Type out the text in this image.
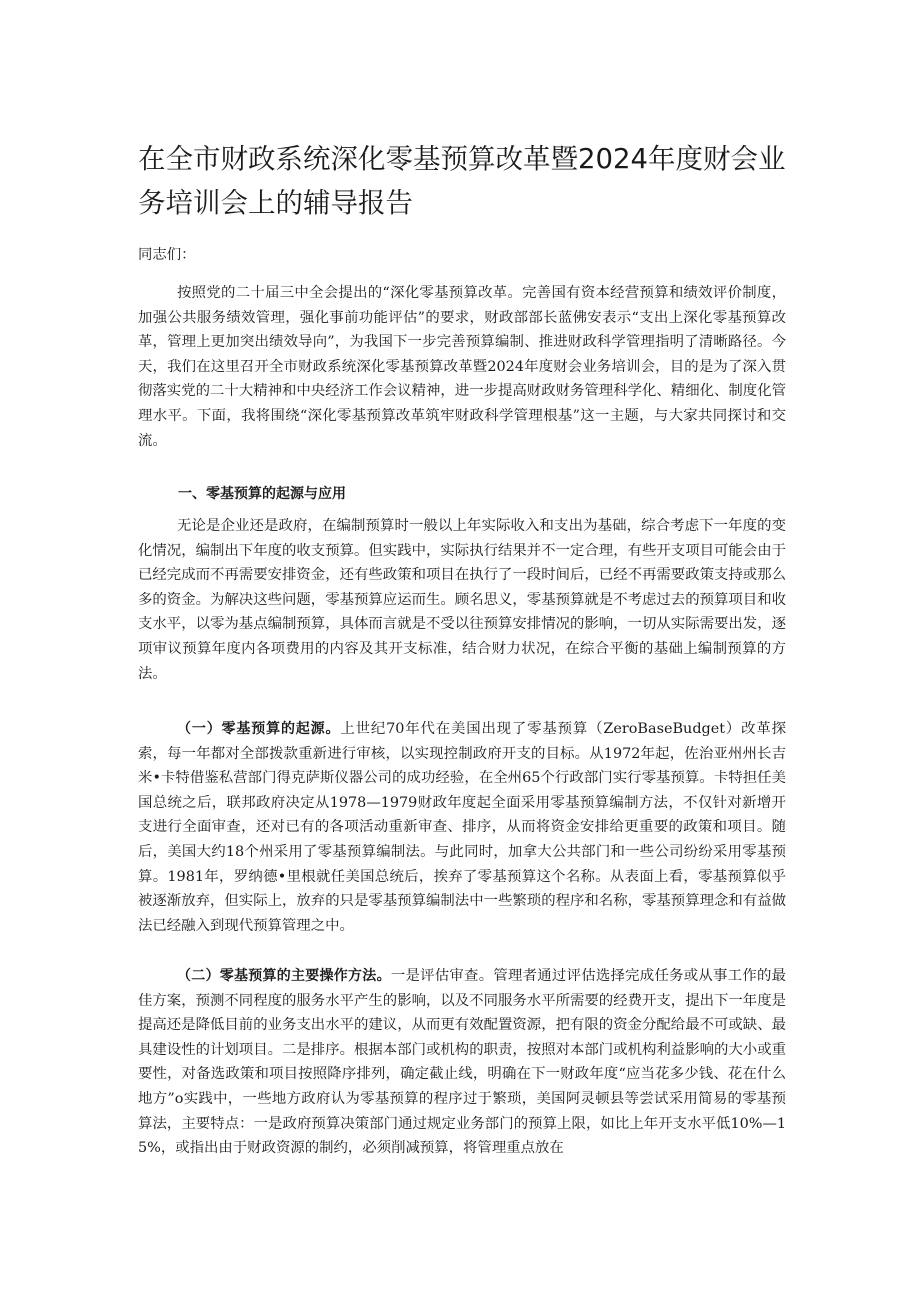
在全市财政系统深化零基预算改革暨2024年度财会业务培训会上的辅导报告

同志们：

按照党的二十届三中全会提出的“深化零基预算改革。完善国有资本经营预算和绩效评价制度，加强公共服务绩效管理，强化事前功能评估”的要求，财政部部长蓝佛安表示“支出上深化零基预算改革，管理上更加突出绩效导向”，为我国下一步完善预算编制、推进财政科学管理指明了清晰路径。今天，我们在这里召开全市财政系统深化零基预算改革暨2024年度财会业务培训会，目的是为了深入贯彻落实党的二十大精神和中央经济工作会议精神，进一步提高财政财务管理科学化、精细化、制度化管理水平。下面，我将围绕“深化零基预算改革筑牢财政科学管理根基”这一主题，与大家共同探讨和交流。

一、零基预算的起源与应用

无论是企业还是政府，在编制预算时一般以上年实际收入和支出为基础，综合考虑下一年度的变化情况，编制出下年度的收支预算。但实践中，实际执行结果并不一定合理，有些开支项目可能会由于已经完成而不再需要安排资金，还有些政策和项目在执行了一段时间后，已经不再需要政策支持或那么多的资金。为解决这些问题，零基预算应运而生。顾名思义，零基预算就是不考虑过去的预算项目和收支水平，以零为基点编制预算，具体而言就是不受以往预算安排情况的影响，一切从实际需要出发，逐项审议预算年度内各项费用的内容及其开支标准，结合财力状况，在综合平衡的基础上编制预算的方法。

（一）零基预算的起源。上世纪70年代在美国出现了零基预算（ZeroBaseBudget）改革探索，每一年都对全部拨款重新进行审核，以实现控制政府开支的目标。从1972年起，佐治亚州州长吉米•卡特借鉴私营部门得克萨斯仪器公司的成功经验，在全州65个行政部门实行零基预算。卡特担任美国总统之后，联邦政府决定从1978—1979财政年度起全面采用零基预算编制方法，不仅针对新增开支进行全面审查，还对已有的各项活动重新审查、排序，从而将资金安排给更重要的政策和项目。随后，美国大约18个州采用了零基预算编制法。与此同时，加拿大公共部门和一些公司纷纷采用零基预算。1981年，罗纳德•里根就任美国总统后，挨弃了零基预算这个名称。从表面上看，零基预算似乎被逐渐放弃，但实际上，放弃的只是零基预算编制法中一些繁琐的程序和名称，零基预算理念和有益做法已经融入到现代预算管理之中。

（二）零基预算的主要操作方法。一是评估审查。管理者通过评估选择完成任务或从事工作的最佳方案，预测不同程度的服务水平产生的影响，以及不同服务水平所需要的经费开支，提出下一年度是提高还是降低目前的业务支出水平的建议，从而更有效配置资源，把有限的资金分配给最不可或缺、最具建设性的计划项目。二是排序。根据本部门或机构的职责，按照对本部门或机构利益影响的大小或重要性，对备选政策和项目按照降序排列，确定截止线，明确在下一财政年度“应当花多少钱、花在什么地方”o实践中，一些地方政府认为零基预算的程序过于繁琐，美国阿灵顿县等尝试采用简易的零基预算法，主要特点：一是政府预算决策部门通过规定业务部门的预算上限，如比上年开支水平低10%—15%，或指出由于财政资源的制约，必须削减预算，将管理重点放在
